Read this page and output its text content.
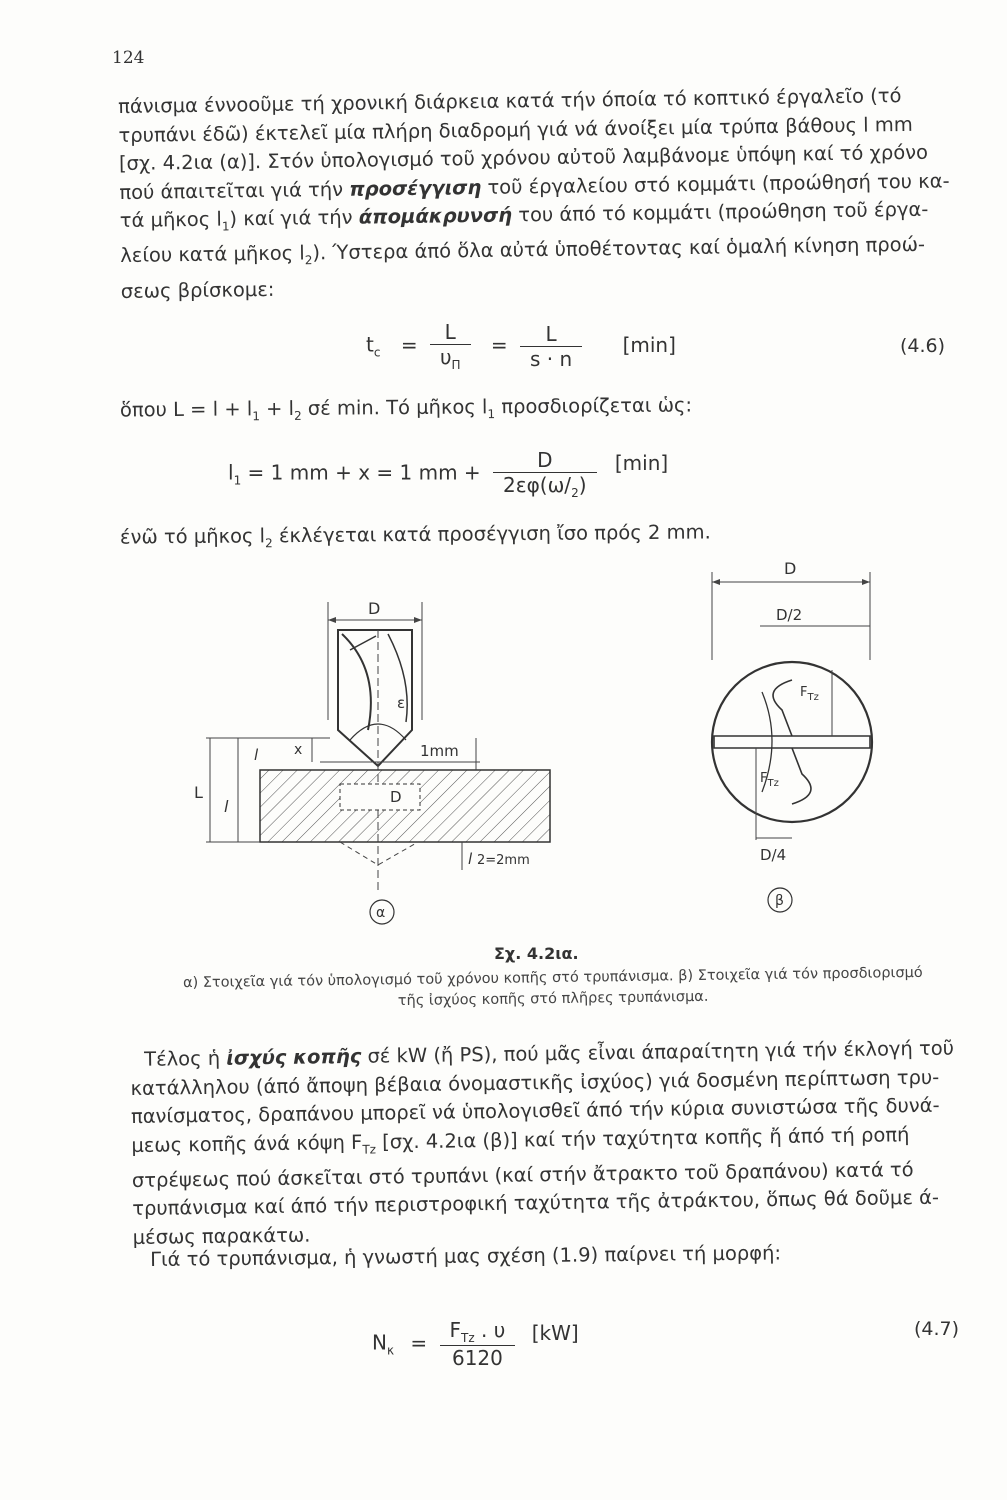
124
πάνισμα έννοοῦμε τή χρονική διάρκεια κατά τήν όποία τό κοπτικό έργαλεῖο (τό
τρυπάνι έδῶ) έκτελεῖ μία πλήρη διαδρομή γιά νά άνοίξει μία τρύπα βάθους l mm
[σχ. 4.2ια (α)]. Στόν ὑπολογισμό τοῦ χρόνου αὐτοῦ λαμβάνομε ὑπόψη καί τό χρόνο
πού άπαιτεῖται γιά τήν προσέγγιση τοῦ έργαλείου στό κομμάτι (προώθησή του κα-
τά μῆκος $l_1$) καί γιά τήν άπομάκρυνσή του άπό τό κομμάτι (προώθηση τοῦ έργα-
λείου κατά μῆκος $l_2$). Ύστερα άπό ὅλα αὐτά ὑποθέτοντας καί ὁμαλή κίνηση προώ-
σεως βρίσκομε:
$t_c = \frac{L}{\upsilon_\Pi} = \frac{L}{s \cdot n} [\min]$	(4.6)
ὅπου $L = l + l_1 + l_2$ σέ min. Τό μῆκος $l_1$ προσδιορίζεται ὡς:
$l_1 = 1$ mm + x = 1 mm + $\frac{D}{2\varepsilon\varphi(\omega/_2)} [\min]$
ένῶ τό μῆκος $l_2$ έκλέγεται κατά προσέγγιση ἴσο πρός 2 mm.
D
ε
D
L
l
l	x	1mm
l 2=2mm
α
D
D/2
$F_{Tz}$
$F_{Tz}$
D/4
β
Σχ. 4.2ια.
α) Στοιχεῖα γιά τόν ὑπολογισμό τοῦ χρόνου κοπῆς στό τρυπάνισμα. β) Στοιχεῖα γιά τόν προσδιορισμό
τῆς ἰσχύος κοπῆς στό πλῆρες τρυπάνισμα.
Τέλος ἡ ἰσχύς κοπῆς σέ kW (ἤ PS), πού μᾶς εἶναι άπαραίτητη γιά τήν έκλογή τοῦ
κατάλληλου (άπό ἄποψη βέβαια όνομαστικῆς ἰσχύος) γιά δοσμένη περίπτωση τρυ-
πανίσματος, δραπάνου μπορεῖ νά ὑπολογισθεῖ άπό τήν κύρια συνιστώσα τῆς δυνά-
μεως κοπῆς άνά κόψη $F_{Tz}$ [σχ. 4.2ια (β)] καί τήν ταχύτητα κοπῆς ἤ άπό τή ροπή
στρέψεως πού άσκεῖται στό τρυπάνι (καί στήν ἄτρακτο τοῦ δραπάνου) κατά τό
τρυπάνισμα καί άπό τήν περιστροφική ταχύτητα τῆς ἀτράκτου, ὅπως θά δοῦμε ά-
μέσως παρακάτω.
Γιά τό τρυπάνισμα, ἡ γνωστή μας σχέση (1.9) παίρνει τή μορφή:
$N_\kappa = \frac{F_{Tz} . \upsilon}{6120} [kW]$	(4.7)
